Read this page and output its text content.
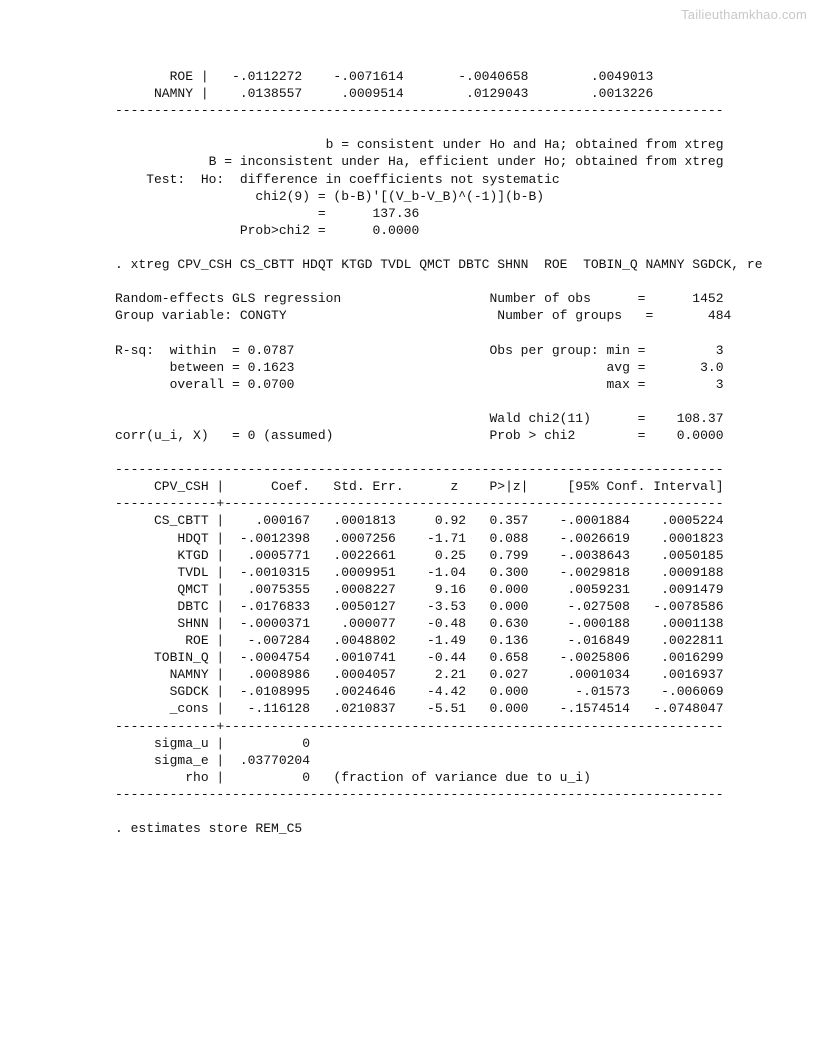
Tailieuthamkhao.com
ROE |   -.0112272    -.0071614       -.0040658        .0049013
NAMNY |    .0138557     .0009514        .0129043        .0013226
------------------------------------------------------------------------------
b = consistent under Ho and Ha; obtained from xtreg
B = inconsistent under Ha, efficient under Ho; obtained from xtreg
Test:  Ho:  difference in coefficients not systematic
chi2(9) = (b-B)'[(V_b-V_B)^(-1)](b-B)
=      137.36
Prob>chi2 =      0.0000
. xtreg CPV_CSH CS_CBTT HDQT KTGD TVDL QMCT DBTC SHNN  ROE  TOBIN_Q NAMNY SGDCK, re
Random-effects GLS regression                   Number of obs      =      1452
Group variable: CONGTY                           Number of groups   =       484
R-sq:  within  = 0.0787                         Obs per group: min =         3
between = 0.1623                                        avg =       3.0
overall = 0.0700                                        max =         3
Wald chi2(11)      =    108.37
corr(u_i, X)   = 0 (assumed)                    Prob > chi2        =    0.0000
------------------------------------------------------------------------------
CPV_CSH |      Coef.   Std. Err.      z    P>|z|     [95% Conf. Interval]
-------------+----------------------------------------------------------------
CS_CBTT |    .000167   .0001813     0.92   0.357    -.0001884    .0005224
HDQT |  -.0012398   .0007256    -1.71   0.088    -.0026619    .0001823
KTGD |   .0005771   .0022661     0.25   0.799    -.0038643    .0050185
TVDL |  -.0010315   .0009951    -1.04   0.300    -.0029818    .0009188
QMCT |   .0075355   .0008227     9.16   0.000     .0059231    .0091479
DBTC |  -.0176833   .0050127    -3.53   0.000     -.027508   -.0078586
SHNN |  -.0000371    .000077    -0.48   0.630     -.000188    .0001138
ROE |   -.007284   .0048802    -1.49   0.136     -.016849    .0022811
TOBIN_Q |  -.0004754   .0010741    -0.44   0.658    -.0025806    .0016299
NAMNY |   .0008986   .0004057     2.21   0.027     .0001034    .0016937
SGDCK |  -.0108995   .0024646    -4.42   0.000      -.01573    -.006069
_cons |   -.116128   .0210837    -5.51   0.000    -.1574514   -.0748047
-------------+----------------------------------------------------------------
sigma_u |          0
sigma_e |  .03770204
rho |          0   (fraction of variance due to u_i)
------------------------------------------------------------------------------
. estimates store REM_C5
